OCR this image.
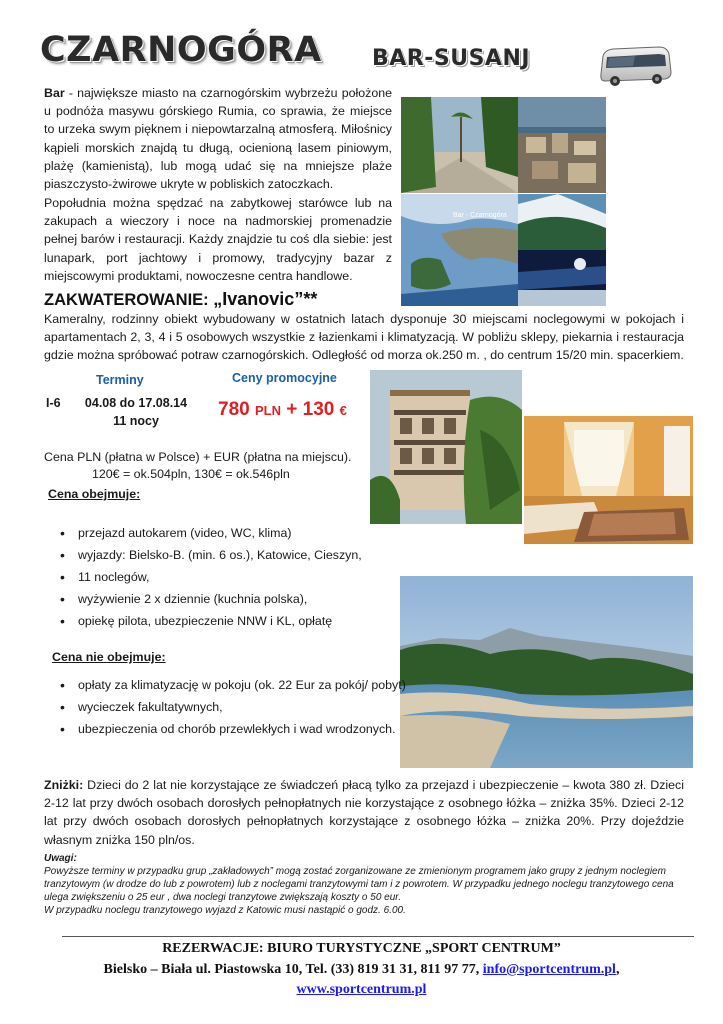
CZARNOGÓRA BAR-SUSANJ
Bar - największe miasto na czarnogórskim wybrzeżu położone u podnóża masywu górskiego Rumia, co sprawia, że miejsce to urzeka swym pięknem i niepowtarzalną atmosferą. Miłośnicy kąpieli morskich znajdą tu długą, ocienioną lasem piniowym, plażę (kamienistą), lub mogą udać się na mniejsze plaże piaszczysto-żwirowe ukryte w pobliskich zatoczkach.
Popołudnia można spędzać na zabytkowej starówce lub na zakupach a wieczory i noce na nadmorskiej promenadzie pełnej barów i restauracji. Każdy znajdzie tu coś dla siebie: jest lunapark, port jachtowy i promowy, tradycyjny bazar z miejscowymi produktami, nowoczesne centra handlowe.
Bar - Czarnogóra
ZAKWATEROWANIE: „Ivanovic”**
Kameralny, rodzinny obiekt wybudowany w ostatnich latach dysponuje 30 miejscami noclegowymi w pokojach i apartamentach 2, 3, 4 i 5 osobowych wszystkie z łazienkami i klimatyzacją. W pobliżu sklepy, piekarnia i restauracja gdzie można spróbować potraw czarnogórskich. Odległość od morza ok.250 m. , do centrum 15/20 min. spacerkiem.
Terminy	Ceny promocyjne
I-6	04.08 do 17.08.14
11 nocy
780 PLN + 130 €
Cena PLN (płatna w Polsce) + EUR (płatna na miejscu).
120€ = ok.504pln, 130€ = ok.546pln
Cena obejmuje:
• przejazd autokarem (video, WC, klima)
• wyjazdy: Bielsko-B. (min. 6 os.), Katowice, Cieszyn,
• 11 noclegów,
• wyżywienie 2 x dziennie (kuchnia polska),
• opiekę pilota, ubezpieczenie NNW i KL, opłatę
Cena nie obejmuje:
• opłaty za klimatyzację w pokoju (ok. 22 Eur za pokój/ pobyt)
• wycieczek fakultatywnych,
• ubezpieczenia od chorób przewlekłych i wad wrodzonych.
Zniżki: Dzieci do 2 lat nie korzystające ze świadczeń płacą tylko za przejazd i ubezpieczenie – kwota 380 zł. Dzieci 2-12 lat przy dwóch osobach dorosłych pełnopłatnych nie korzystające z osobnego łóżka – zniżka 35%. Dzieci 2-12 lat przy dwóch osobach dorosłych pełnopłatnych korzystające z osobnego łóżka – zniżka 20%. Przy dojeździe własnym zniżka 150 pln/os.
Uwagi:
Powyższe terminy w przypadku grup „zakładowych” mogą zostać zorganizowane ze zmienionym programem jako grupy z jednym noclegiem tranzytowym (w drodze do lub z powrotem) lub z noclegami tranzytowymi tam i z powrotem. W przypadku jednego noclegu tranzytowego cena ulega zwiększeniu o 25 eur , dwa noclegi tranzytowe zwiększają koszty o 50 eur.
W przypadku noclegu tranzytowego wyjazd z Katowic musi nastąpić o godz. 6.00.
REZERWACJE: BIURO TURYSTYCZNE „SPORT CENTRUM”
Bielsko – Biała ul. Piastowska 10, Tel. (33) 819 31 31, 811 97 77, info@sportcentrum.pl,
www.sportcentrum.pl
